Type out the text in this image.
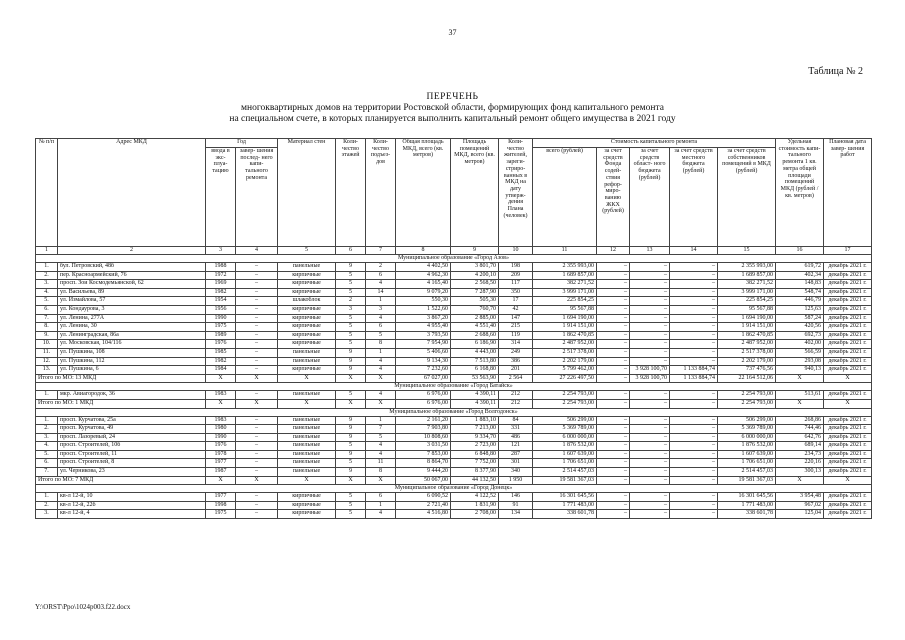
37
Таблица № 2
ПЕРЕЧЕНЬ
многоквартирных домов на территории Ростовской области, формирующих фонд капитального ремонта
на специальном счете, в которых планируется выполнить капитальный ремонт общего имущества в 2021 году
№ п/п	Адрес МКД	Год		Материал стен	Коли- чество этажей	Коли- чество подъез- дов	Общая площадь МКД, всего (кв. метров)	Площадь помещений МКД, всего (кв. метров)	Коли- чество жителей, зареги- стриро- ванных в МКД на дату утверж- дения Плана (человек)	Стоимость капитального ремонта					Удельная стоимость капи- тального ремонта 1 кв. метра общей площади помещений МКД (рублей / кв. метров)	Плановая дата завер- шения работ
		ввода в экс- плуа- тацию	завер- шения послед- него капи- тального ремонта							всего (рублей)	за счет средств Фонда содей- ствия рефор- миро- ванию ЖКХ (рублей)	за счет средств област- ного бюджета (рублей)	за счет средств местного бюджета (рублей)	за счет средств собственников помещений в МКД (рублей)		
1	2	3	4	5	6	7	8	9	10	11	12	13	14	15	16	17
Муниципальное образование «Город Азов»																
1.	бул. Петровский, 48б	1988	–	панельные	9	2	4 402,50	3 801,70	198	2 355 993,00	–	–	–	2 355 993,00	619,72	декабрь 2021 г.
2.	пер. Красноармейский, 76	1972	–	кирпичные	5	6	4 962,30	4 200,10	209	1 689 857,00	–	–	–	1 689 857,00	402,34	декабрь 2021 г.
3.	просп. Зои Космодемьянской, 62	1969	–	кирпичные	5	4	4 165,40	2 568,50	117	382 271,52	–	–	–	382 271,52	148,83	декабрь 2021 г.
4.	ул. Васильева, 89	1982	–	кирпичные	5	14	9 079,20	7 287,90	350	3 999 171,00	–	–	–	3 999 171,00	548,74	декабрь 2021 г.
5.	ул. Измайлова, 57	1954	–	шлакоблок	2	1	550,30	505,30	17	225 854,25	–	–	–	225 854,25	446,79	декабрь 2021 г.
6.	ул. Кондаурова, 3	1956	–	кирпичные	3	3	1 522,60	760,70	42	95 567,88	–	–	–	95 567,88	125,63	декабрь 2021 г.
7.	ул. Ленина, 277А	1990	–	кирпичные	5	4	3 867,20	2 885,00	147	1 694 190,00	–	–	–	1 694 190,00	587,24	декабрь 2021 г.
8.	ул. Ленина, 30	1975	–	кирпичные	5	6	4 955,40	4 551,40	215	1 914 151,00	–	–	–	1 914 151,00	420,56	декабрь 2021 г.
9.	ул. Ленинградская, 86а	1989	–	кирпичные	5	5	3 793,50	2 688,60	119	1 862 470,85	–	–	–	1 862 470,85	692,73	декабрь 2021 г.
10.	ул. Московская, 104/116	1976	–	кирпичные	5	8	7 954,90	6 186,90	314	2 487 952,00	–	–	–	2 487 952,00	402,00	декабрь 2021 г.
11.	ул. Пушкина, 108	1985	–	панельные	9	1	5 406,60	4 443,00	249	2 517 378,00	–	–	–	2 517 378,00	566,59	декабрь 2021 г.
12.	ул. Пушкина, 112	1982	–	панельные	9	4	9 134,30	7 513,80	386	2 202 179,00	–	–	–	2 202 179,00	293,08	декабрь 2021 г.
13.	ул. Пушкина, 6	1984	–	кирпичные	9	4	7 232,60	6 168,80	201	5 799 462,00	–	3 928 100,70	1 133 884,74	737 476,56	940,13	декабрь 2021 г.
Итого по МО: 13 МКД		X	X	X	X	X	67 027,00	53 563,90	2 564	27 226 497,50	–	3 928 100,70	1 133 884,74	22 164 512,06	X	X
Муниципальное образование «Город Батайск»																
1.	мкр. Авиагородок, 36	1983	–	панельные	5	4	6 976,00	4 390,11	212	2 254 793,00	–	–	–	2 254 793,00	513,61	декабрь 2021 г.
Итого по МО: 1 МКД		X	X	X	X	X	6 976,00	4 390,11	212	2 254 793,00	–	–	–	2 254 793,00	X	X
Муниципальное образование «Город Волгодонск»																
1.	просп. Курчатова, 25а	1983	–	панельные	9	1	2 161,20	1 883,10	84	506 299,00	–	–	–	506 299,00	268,86	декабрь 2021 г.
2.	просп. Курчатова, 49	1980	–	панельные	9	7	7 903,80	7 213,00	331	5 369 789,00	–	–	–	5 369 789,00	744,46	декабрь 2021 г.
3.	просп. Лазоревый, 24	1990	–	панельные	9	5	10 808,60	9 334,70	486	6 000 000,00	–	–	–	6 000 000,00	642,76	декабрь 2021 г.
4.	просп. Строителей, 10б	1976	–	панельные	5	4	3 031,50	2 723,00	121	1 876 532,00	–	–	–	1 876 532,00	689,14	декабрь 2021 г.
5.	просп. Строителей, 11	1978	–	панельные	9	4	7 853,00	6 848,80	287	1 607 639,00	–	–	–	1 607 639,00	234,73	декабрь 2021 г.
6.	просп. Строителей, 8	1977	–	панельные	5	11	8 864,70	7 752,00	301	1 706 651,00	–	–	–	1 706 651,00	220,16	декабрь 2021 г.
7.	ул. Черникова, 23	1987	–	панельные	9	8	9 444,20	8 377,90	340	2 514 457,03	–	–	–	2 514 457,03	300,13	декабрь 2021 г.
Итого по МО: 7 МКД		X	X	X	X	X	50 067,00	44 132,50	1 950	19 581 367,03	–	–	–	19 581 367,03	X	X
Муниципальное образование «Город Донецк»																
1.	кв-л 12-й, 10	1977	–	кирпичные	5	6	6 090,52	4 122,52	146	16 301 645,56	–	–	–	16 301 645,56	3 954,48	декабрь 2021 г.
2.	кв-л 12-й, 22б	1998	–	кирпичные	5	1	2 721,40	1 831,90	91	1 771 483,00	–	–	–	1 771 483,00	967,02	декабрь 2021 г.
3.	кв-л 12-й, 4	1975	–	кирпичные	5	4	4 516,80	2 708,00	134	338 601,78	–	–	–	338 601,78	125,04	декабрь 2021 г.
Y:\ORST\Ppo\1024p003.f22.docx
